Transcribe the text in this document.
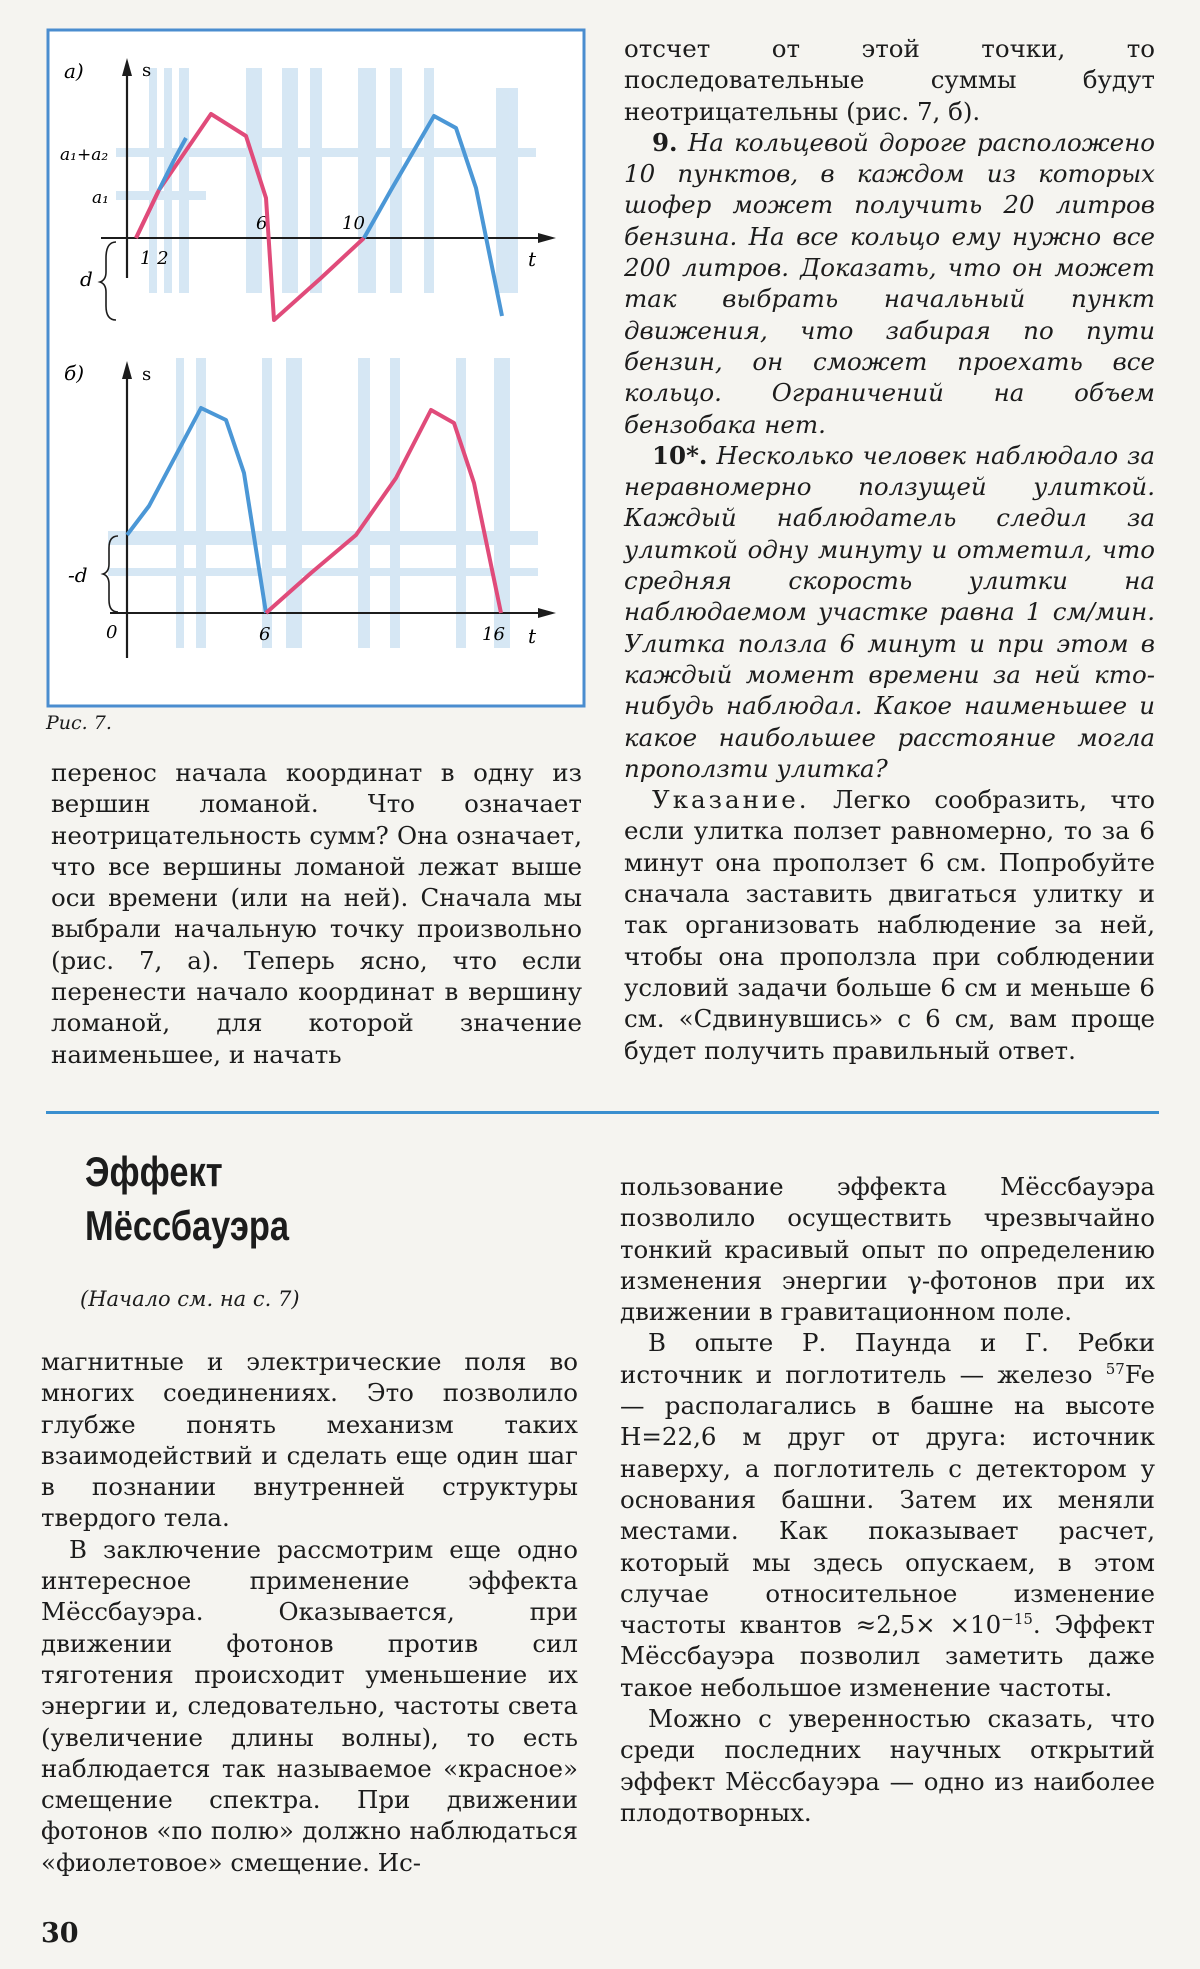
а)	s
t
a₁+a₂
a₁
d
1 2
6	10
б)	s
t
-d
0	6	16
Рис. 7.

отсчет от этой точки, то последовательные суммы будут неотрицательны (рис. 7, б).

9. На кольцевой дороге расположено 10 пунктов, в каждом из которых шофер может получить 20 литров бензина. На все кольцо ему нужно все 200 литров. Доказать, что он может так выбрать начальный пункт движения, что забирая по пути бензин, он сможет проехать все кольцо. Ограничений на объем бензобака нет.

10*. Несколько человек наблюдало за неравномерно ползущей улиткой. Каждый наблюдатель следил за улиткой одну минуту и отметил, что средняя скорость улитки на наблюдаемом участке равна 1 см/мин. Улитка ползла 6 минут и при этом в каждый момент времени за ней кто-нибудь наблюдал. Какое наименьшее и какое наибольшее расстояние могла проползти улитка?

Указание. Легко сообразить, что если улитка ползет равномерно, то за 6 минут она проползет 6 см. Попробуйте сначала заставить двигаться улитку и так организовать наблюдение за ней, чтобы она проползла при соблюдении условий задачи больше 6 см и меньше 6 см. «Сдвинувшись» с 6 см, вам проще будет получить правильный ответ.

перенос начала координат в одну из вершин ломаной. Что означает неотрицательность сумм? Она означает, что все вершины ломаной лежат выше оси времени (или на ней). Сначала мы выбрали начальную точку произвольно (рис. 7, а). Теперь ясно, что если перенести начало координат в вершину ломаной, для которой значение наименьшее, и начать

Эффект
Мёссбауэра
(Начало см. на с. 7)

магнитные и электрические поля во многих соединениях. Это позволило глубже понять механизм таких взаимодействий и сделать еще один шаг в познании внутренней структуры твердого тела.

В заключение рассмотрим еще одно интересное применение эффекта Мёссбауэра. Оказывается, при движении фотонов против сил тяготения происходит уменьшение их энергии и, следовательно, частоты света (увеличение длины волны), то есть наблюдается так называемое «красное» смещение спектра. При движении фотонов «по полю» должно наблюдаться «фиолетовое» смещение. Ис-

пользование эффекта Мёссбауэра позволило осуществить чрезвычайно тонкий красивый опыт по определению изменения энергии γ-фотонов при их движении в гравитационном поле.

В опыте Р. Паунда и Г. Ребки источник и поглотитель — железо $^{57}$Fe — располагались в башне на высоте H=22,6 м друг от друга: источник наверху, а поглотитель с детектором у основания башни. Затем их меняли местами. Как показывает расчет, который мы здесь опускаем, в этом случае относительное изменение частоты квантов $\approx 2,5\times \times 10^{-15}$. Эффект Мёссбауэра позволил заметить даже такое небольшое изменение частоты.

Можно с уверенностью сказать, что среди последних научных открытий эффект Мёссбауэра — одно из наиболее плодотворных.

30
